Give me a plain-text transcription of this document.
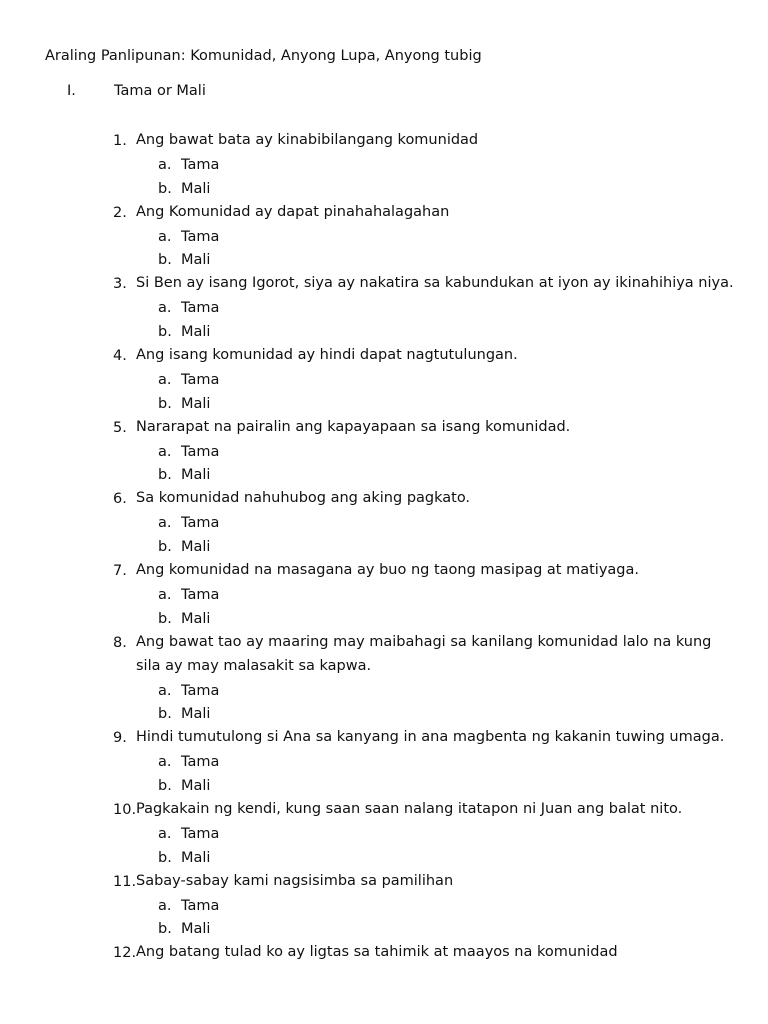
Araling Panlipunan: Komunidad, Anyong Lupa, Anyong tubig
I.	Tama or Mali
1. Ang bawat bata ay kinabibilangang komunidad
a. Tama
b. Mali
2. Ang Komunidad ay dapat pinahahalagahan
a. Tama
b. Mali
3. Si Ben ay isang Igorot, siya ay nakatira sa kabundukan at iyon ay ikinahihiya niya.
a. Tama
b. Mali
4. Ang isang komunidad ay hindi dapat nagtutulungan.
a. Tama
b. Mali
5. Nararapat na pairalin ang kapayapaan sa isang komunidad.
a. Tama
b. Mali
6. Sa komunidad nahuhubog ang aking pagkato.
a. Tama
b. Mali
7. Ang komunidad na masagana ay buo ng taong masipag at matiyaga.
a. Tama
b. Mali
8. Ang bawat tao ay maaring may maibahagi sa kanilang komunidad lalo na kung sila ay may malasakit sa kapwa.
a. Tama
b. Mali
9. Hindi tumutulong si Ana sa kanyang in ana magbenta ng kakanin tuwing umaga.
a. Tama
b. Mali
10. Pagkakain ng kendi, kung saan saan nalang itatapon ni Juan ang balat nito.
a. Tama
b. Mali
11. Sabay-sabay kami nagsisimba sa pamilihan
a. Tama
b. Mali
12. Ang batang tulad ko ay ligtas sa tahimik at maayos na komunidad
